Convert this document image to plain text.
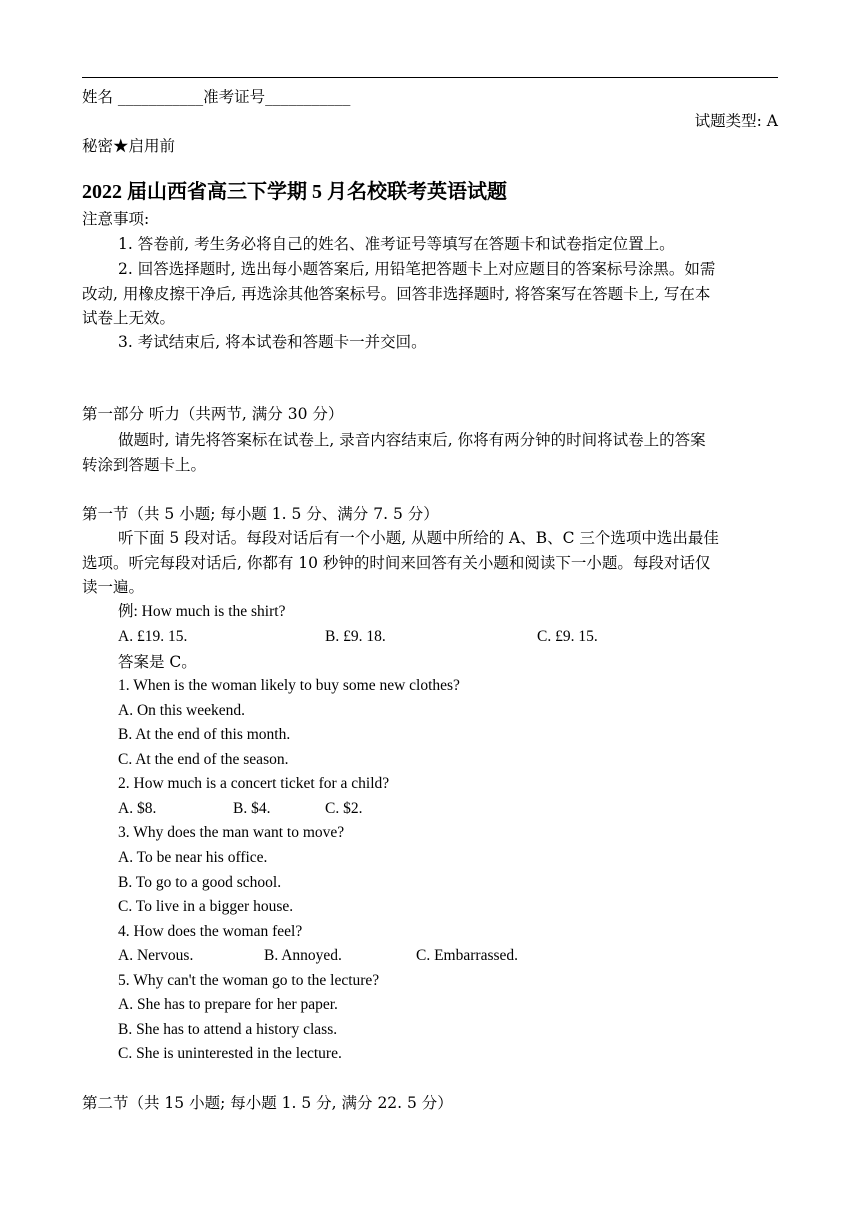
姓名 ___________准考证号___________
试题类型: A
秘密★启用前
2022 届山西省高三下学期 5 月名校联考英语试题
注意事项:
1. 答卷前, 考生务必将自己的姓名、准考证号等填写在答题卡和试卷指定位置上。
2. 回答选择题时, 选出每小题答案后, 用铅笔把答题卡上对应题目的答案标号涂黑。如需
改动, 用橡皮擦干净后, 再选涂其他答案标号。回答非选择题时, 将答案写在答题卡上, 写在本
试卷上无效。
3. 考试结束后, 将本试卷和答题卡一并交回。
第一部分 听力（共两节, 满分 30 分）
做题时, 请先将答案标在试卷上, 录音内容结束后, 你将有两分钟的时间将试卷上的答案
转涂到答题卡上。
第一节（共 5 小题; 每小题 1. 5 分、满分 7. 5 分）
听下面 5 段对话。每段对话后有一个小题, 从题中所给的 A、B、C 三个选项中选出最佳
选项。听完每段对话后, 你都有 10 秒钟的时间来回答有关小题和阅读下一小题。每段对话仅
读一遍。
例: How much is the shirt?
A. £19. 15.	B. £9. 18.	C. £9. 15.
答案是 C。
1. When is the woman likely to buy some new clothes?
A. On this weekend.
B. At the end of this month.
C. At the end of the season.
2. How much is a concert ticket for a child?
A. $8.	B. $4.	C. $2.
3. Why does the man want to move?
A. To be near his office.
B. To go to a good school.
C. To live in a bigger house.
4. How does the woman feel?
A. Nervous.	B. Annoyed.	C. Embarrassed.
5. Why can't the woman go to the lecture?
A. She has to prepare for her paper.
B. She has to attend a history class.
C. She is uninterested in the lecture.
第二节（共 15 小题; 每小题 1. 5 分, 满分 22. 5 分）
